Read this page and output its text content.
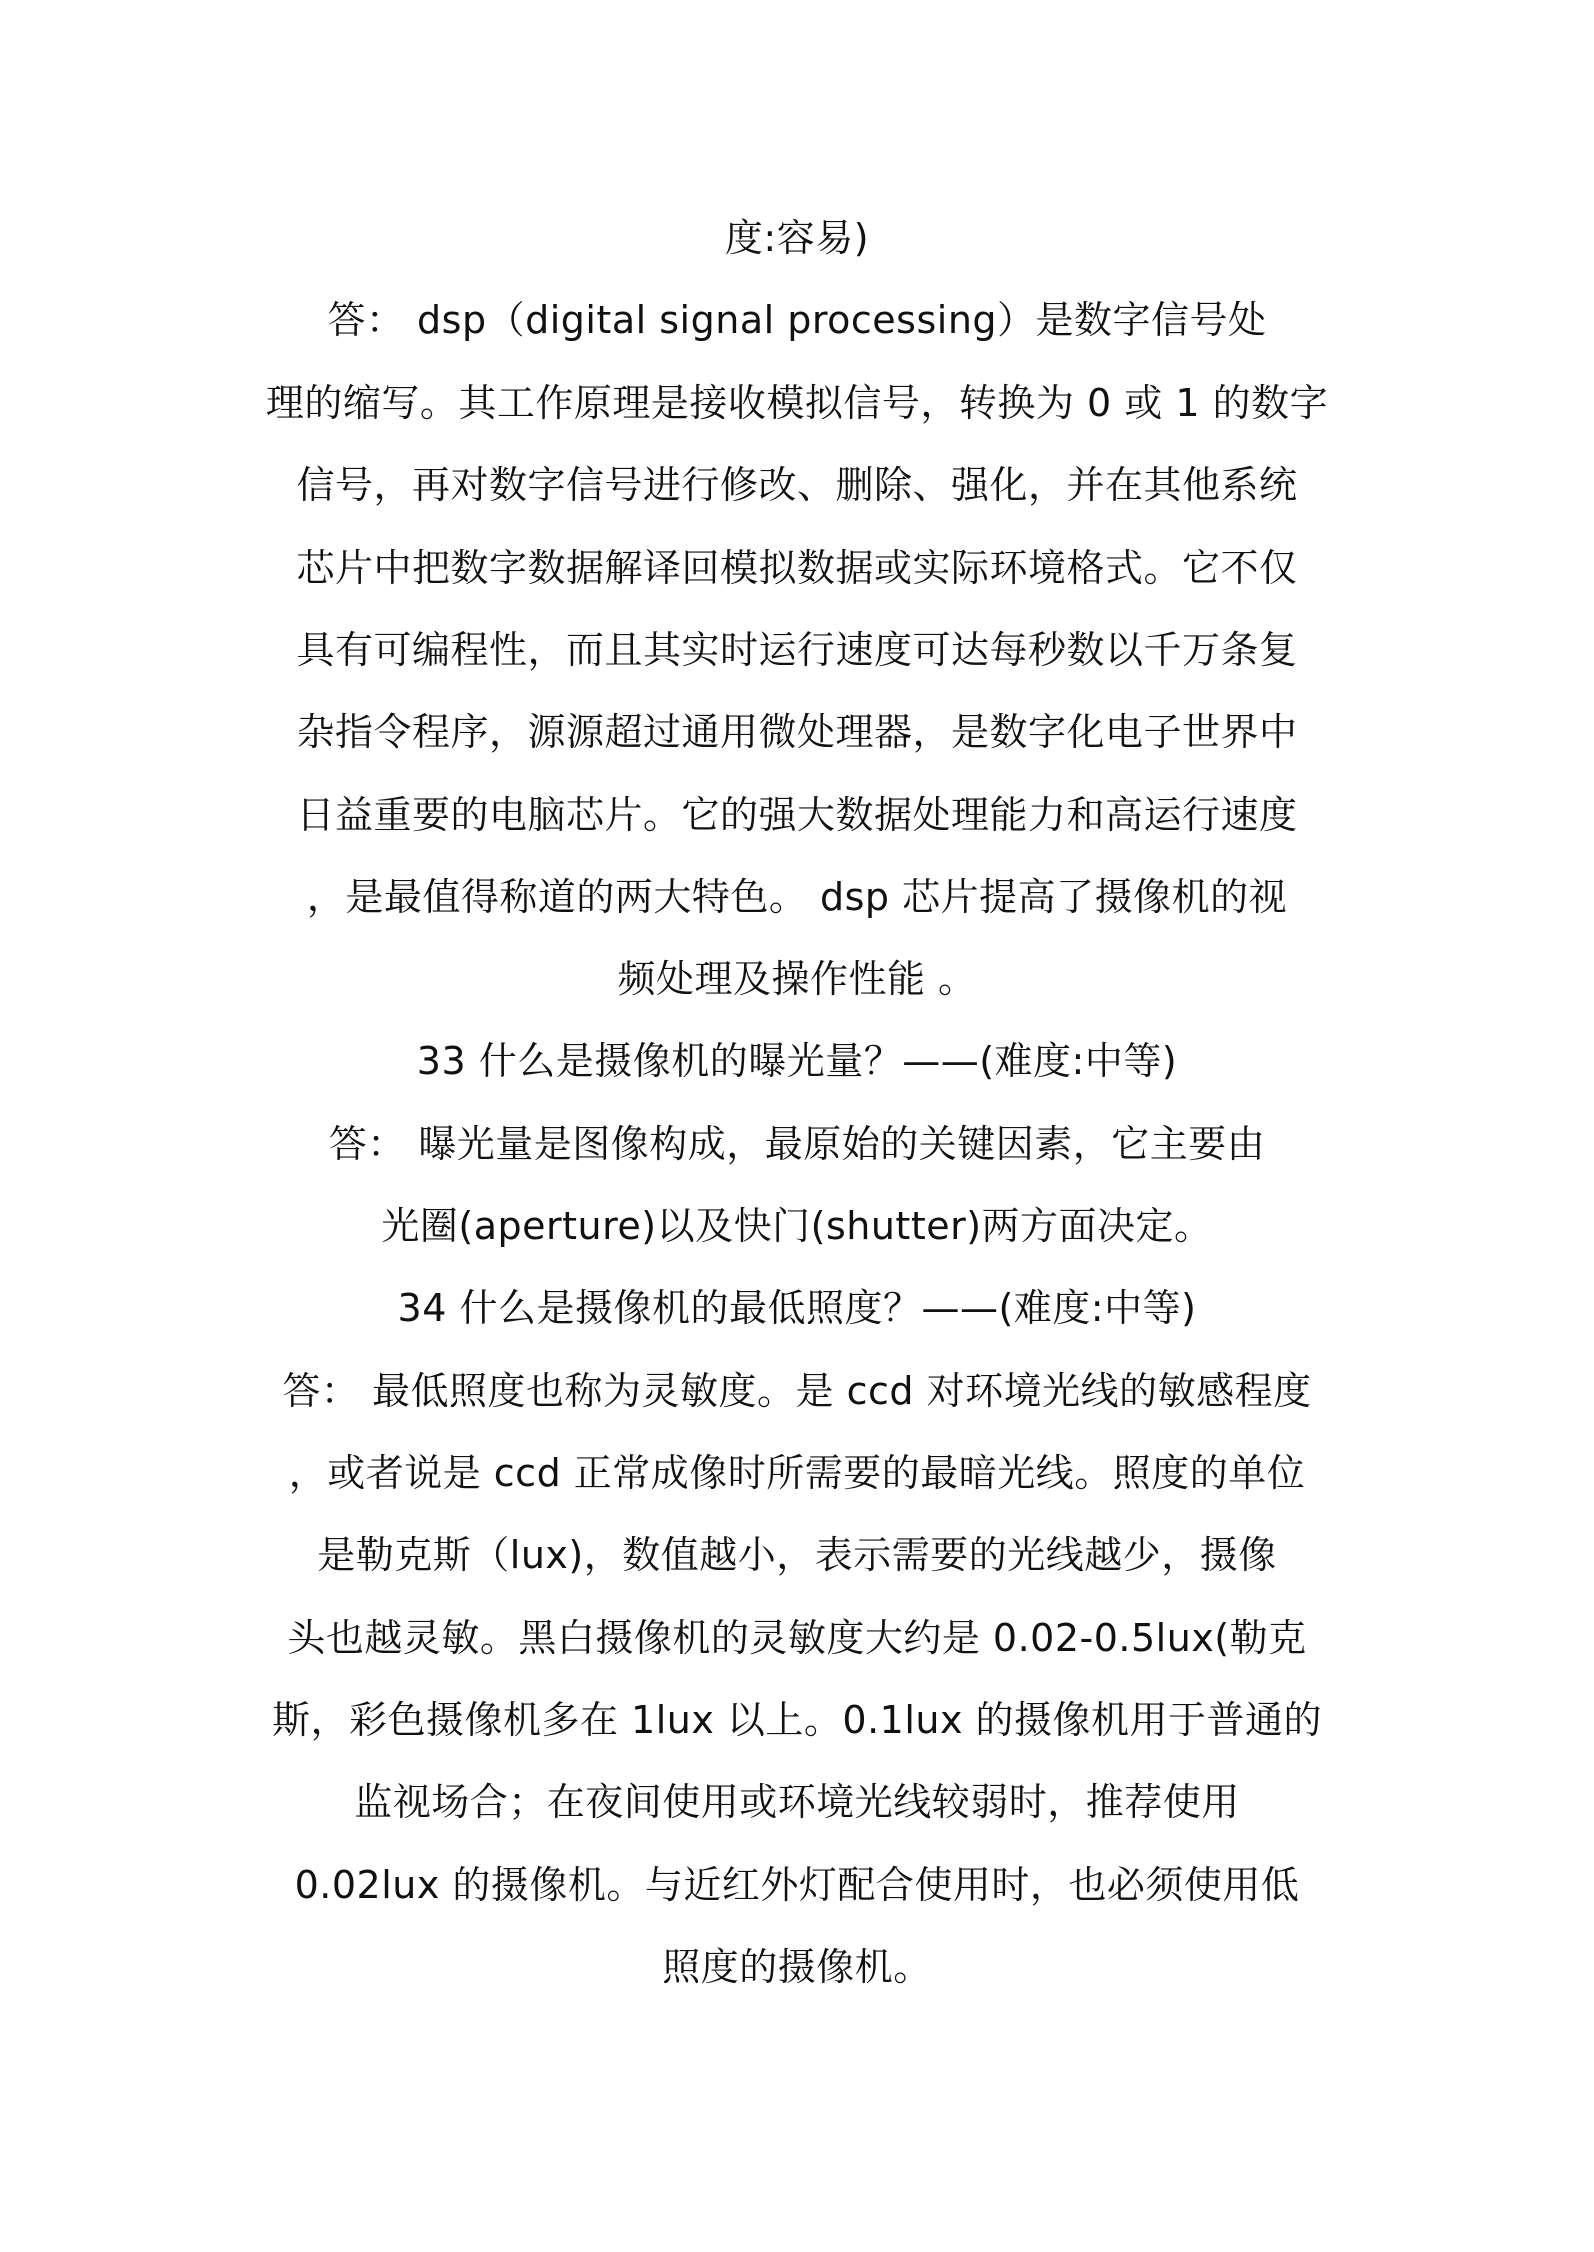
度:容易)
答： dsp（digital signal processing）是数字信号处
理的缩写。其工作原理是接收模拟信号，转换为 0 或 1 的数字
信号，再对数字信号进行修改、删除、强化，并在其他系统
芯片中把数字数据解译回模拟数据或实际环境格式。它不仅
具有可编程性，而且其实时运行速度可达每秒数以千万条复
杂指令程序，源源超过通用微处理器，是数字化电子世界中
日益重要的电脑芯片。它的强大数据处理能力和高运行速度
，是最值得称道的两大特色。 dsp 芯片提高了摄像机的视
频处理及操作性能 。
33 什么是摄像机的曝光量？——(难度:中等)
答： 曝光量是图像构成，最原始的关键因素，它主要由
光圈(aperture)以及快门(shutter)两方面决定。
34 什么是摄像机的最低照度？——(难度:中等)
答： 最低照度也称为灵敏度。是 ccd 对环境光线的敏感程度
，或者说是 ccd 正常成像时所需要的最暗光线。照度的单位
是勒克斯（lux)，数值越小，表示需要的光线越少，摄像
头也越灵敏。黑白摄像机的灵敏度大约是 0.02-0.5lux(勒克
斯，彩色摄像机多在 1lux 以上。0.1lux 的摄像机用于普通的
监视场合；在夜间使用或环境光线较弱时，推荐使用
0.02lux 的摄像机。与近红外灯配合使用时，也必须使用低
照度的摄像机。
